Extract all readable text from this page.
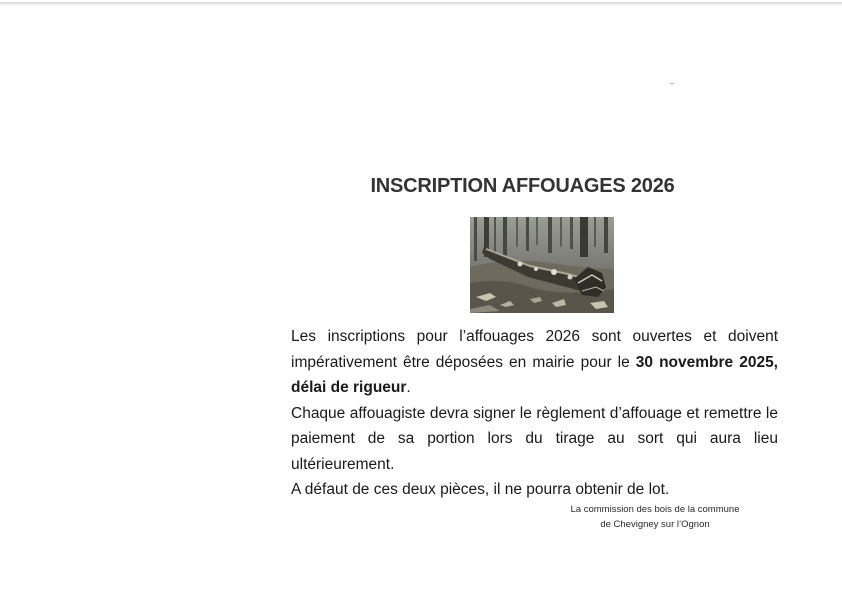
INSCRIPTION AFFOUAGES 2026

Les inscriptions pour l’affouages 2026 sont ouvertes et doivent impérativement être déposées en mairie pour le 30 novembre 2025, délai de rigueur.

Chaque affouagiste devra signer le règlement d’affouage et remettre le paiement de sa portion lors du tirage au sort qui aura lieu ultérieurement.

A défaut de ces deux pièces, il ne pourra obtenir de lot.

La commission des bois de la commune
de Chevigney sur l’Ognon
